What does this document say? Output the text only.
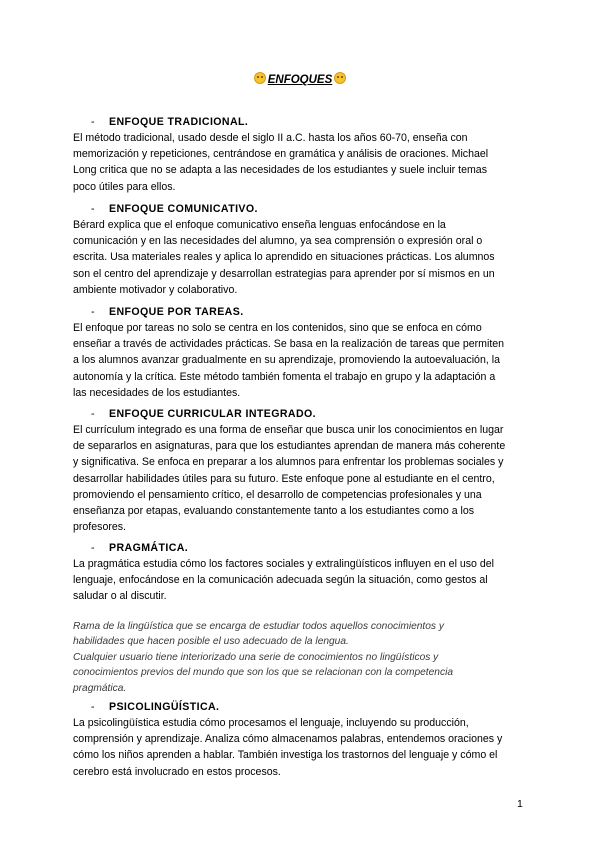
ENFOQUES
- ENFOQUE TRADICIONAL.

El método tradicional, usado desde el siglo II a.C. hasta los años 60-70, enseña con
memorización y repeticiones, centrándose en gramática y análisis de oraciones. Michael
Long critica que no se adapta a las necesidades de los estudiantes y suele incluir temas
poco útiles para ellos.

- ENFOQUE COMUNICATIVO.

Bérard explica que el enfoque comunicativo enseña lenguas enfocándose en la
comunicación y en las necesidades del alumno, ya sea comprensión o expresión oral o
escrita. Usa materiales reales y aplica lo aprendido en situaciones prácticas. Los alumnos
son el centro del aprendizaje y desarrollan estrategias para aprender por sí mismos en un
ambiente motivador y colaborativo.

- ENFOQUE POR TAREAS.

El enfoque por tareas no solo se centra en los contenidos, sino que se enfoca en cómo
enseñar a través de actividades prácticas. Se basa en la realización de tareas que permiten
a los alumnos avanzar gradualmente en su aprendizaje, promoviendo la autoevaluación, la
autonomía y la crítica. Este método también fomenta el trabajo en grupo y la adaptación a
las necesidades de los estudiantes.

- ENFOQUE CURRICULAR INTEGRADO.

El currículum integrado es una forma de enseñar que busca unir los conocimientos en lugar
de separarlos en asignaturas, para que los estudiantes aprendan de manera más coherente
y significativa. Se enfoca en preparar a los alumnos para enfrentar los problemas sociales y
desarrollar habilidades útiles para su futuro. Este enfoque pone al estudiante en el centro,
promoviendo el pensamiento crítico, el desarrollo de competencias profesionales y una
enseñanza por etapas, evaluando constantemente tanto a los estudiantes como a los
profesores.

- PRAGMÁTICA.

La pragmática estudia cómo los factores sociales y extralingüísticos influyen en el uso del
lenguaje, enfocándose en la comunicación adecuada según la situación, como gestos al
saludar o al discutir.

Rama de la lingüística que se encarga de estudiar todos aquellos conocimientos y
habilidades que hacen posible el uso adecuado de la lengua.
Cualquier usuario tiene interiorizado una serie de conocimientos no lingüísticos y
conocimientos previos del mundo que son los que se relacionan con la competencia
pragmática.

- PSICOLINGÜÍSTICA.

La psicolingüística estudia cómo procesamos el lenguaje, incluyendo su producción,
comprensión y aprendizaje. Analiza cómo almacenamos palabras, entendemos oraciones y
cómo los niños aprenden a hablar. También investiga los trastornos del lenguaje y cómo el
cerebro está involucrado en estos procesos.

1
